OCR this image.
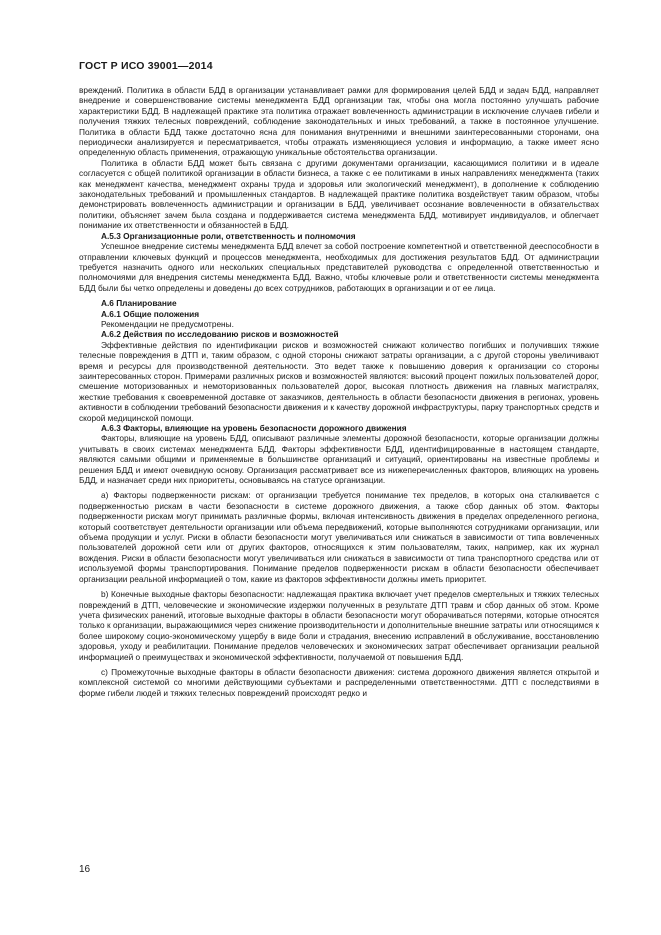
ГОСТ Р ИСО 39001—2014

вреждений. Политика в области БДД в организации устанавливает рамки для формирования целей БДД и задач БДД, направляет внедрение и совершенствование системы менеджмента БДД организации так, чтобы она могла постоянно улучшать рабочие характеристики БДД. В надлежащей практике эта политика отражает вовлеченность администрации в исключение случаев гибели и получения тяжких телесных повреждений, соблюдение законодательных и иных требований, а также в постоянное улучшение. Политика в области БДД также достаточно ясна для понимания внутренними и внешними заинтересованными сторонами, она периодически анализируется и пересматривается, чтобы отражать изменяющиеся условия и информацию, а также имеет ясно определенную область применения, отражающую уникальные обстоятельства организации.

Политика в области БДД может быть связана с другими документами организации, касающимися политики и в идеале согласуется с общей политикой организации в области бизнеса, а также с ее политиками в иных направлениях менеджмента (таких как менеджмент качества, менеджмент охраны труда и здоровья или экологический менеджмент), в дополнение к соблюдению законодательных требований и промышленных стандартов. В надлежащей практике политика воздействует таким образом, чтобы демонстрировать вовлеченность администрации и организации в БДД, увеличивает осознание вовлеченности в обязательствах политики, объясняет зачем была создана и поддерживается система менеджмента БДД, мотивирует индивидуалов, и облегчает понимание их ответственности и обязанностей в БДД.

А.5.3 Организационные роли, ответственность и полномочия

Успешное внедрение системы менеджмента БДД влечет за собой построение компетентной и ответственной дееспособности в отправлении ключевых функций и процессов менеджмента, необходимых для достижения результатов БДД. От администрации требуется назначить одного или нескольких специальных представителей руководства с определенной ответственностью и полномочиями для внедрения системы менеджмента БДД. Важно, чтобы ключевые роли и ответственности системы менеджмента БДД были бы четко определены и доведены до всех сотрудников, работающих в организации и от ее лица.

А.6 Планирование

А.6.1 Общие положения

Рекомендации не предусмотрены.

А.6.2 Действия по исследованию рисков и возможностей

Эффективные действия по идентификации рисков и возможностей снижают количество погибших и получивших тяжкие телесные повреждения в ДТП и, таким образом, с одной стороны снижают затраты организации, а с другой стороны увеличивают время и ресурсы для производственной деятельности. Это ведет также к повышению доверия к организации со стороны заинтересованных сторон. Примерами различных рисков и возможностей являются: высокий процент пожилых пользователей дорог, смешение моторизованных и немоторизованных пользователей дорог, высокая плотность движения на главных магистралях, жесткие требования к своевременной доставке от заказчиков, деятельность в области безопасности движения в регионах, уровень активности в соблюдении требований безопасности движения и к качеству дорожной инфраструктуры, парку транспортных средств и скорой медицинской помощи.

А.6.3 Факторы, влияющие на уровень безопасности дорожного движения

Факторы, влияющие на уровень БДД, описывают различные элементы дорожной безопасности, которые организации должны учитывать в своих системах менеджмента БДД. Факторы эффективности БДД, идентифицированные в настоящем стандарте, являются самыми общими и применяемые в большинстве организаций и ситуаций, ориентированы на известные проблемы и решения БДД и имеют очевидную основу. Организация рассматривает все из нижеперечисленных факторов, влияющих на уровень БДД, и назначает среди них приоритеты, основываясь на статусе организации.

а) Факторы подверженности рискам: от организации требуется понимание тех пределов, в которых она сталкивается с подверженностью рискам в части безопасности в системе дорожного движения, а также сбор данных об этом. Факторы подверженности рискам могут принимать различные формы, включая интенсивность движения в пределах определенного региона, который соответствует деятельности организации или объема передвижений, которые выполняются сотрудниками организации, или объема продукции и услуг. Риски в области безопасности могут увеличиваться или снижаться в зависимости от типа вовлеченных пользователей дорожной сети или от других факторов, относящихся к этим пользователям, таких, например, как их журнал вождения. Риски в области безопасности могут увеличиваться или снижаться в зависимости от типа транспортного средства или от используемой формы транспортирования. Понимание пределов подверженности рискам в области безопасности обеспечивает организации реальной информацией о том, какие из факторов эффективности должны иметь приоритет.

b) Конечные выходные факторы безопасности: надлежащая практика включает учет пределов смертельных и тяжких телесных повреждений в ДТП, человеческие и экономические издержки полученных в результате ДТП травм и сбор данных об этом. Кроме учета физических ранений, итоговые выходные факторы в области безопасности могут оборачиваться потерями, которые относятся только к организации, выражающимися через снижение производительности и дополнительные внешние затраты или относящимся к более широкому социо-экономическому ущербу в виде боли и страдания, внесению исправлений в обслуживание, восстановлению здоровья, уходу и реабилитации. Понимание пределов человеческих и экономических затрат обеспечивает организации реальной информацией о преимуществах и экономической эффективности, получаемой от повышения БДД.

с) Промежуточные выходные факторы в области безопасности движения: система дорожного движения является открытой и комплексной системой со многими действующими субъектами и распределенными ответственностями. ДТП с последствиями в форме гибели людей и тяжких телесных повреждений происходят редко и

16
